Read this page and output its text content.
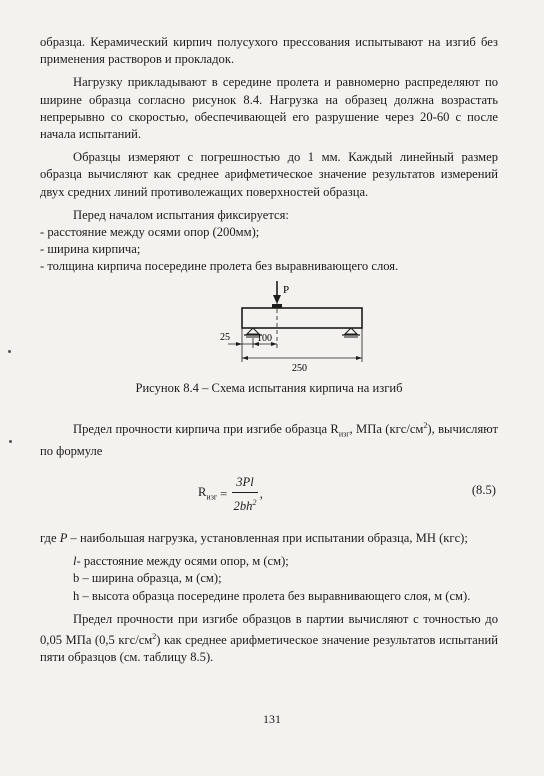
образца. Керамический кирпич полусухого прессования испытывают на изгиб без применения растворов и прокладок.

Нагрузку прикладывают в середине пролета и равномерно распределяют по ширине образца согласно рисунок 8.4. Нагрузка на образец должна возрастать непрерывно со скоростью, обеспечивающей его разрушение через 20-60 с после начала испытаний.

Образцы измеряют с погрешностью до 1 мм. Каждый линейный размер образца вычисляют как среднее арифметическое значение результатов измерений двух средних линий противолежащих поверхностей образца.

Перед началом испытания фиксируется:

- расстояние между осями опор (200мм);

- ширина кирпича;

- толщина кирпича посередине пролета без выравнивающего слоя.

P
25	100
250

Рисунок 8.4 – Схема испытания кирпича на изгиб

Предел прочности кирпича при изгибе образца $R_{изг}$, МПа $(кгс/см^2)$, вычисляют по формуле

$R_{изг} = \frac{3Pl}{2bh^2}$ ,	(8.5)

где P – наибольшая нагрузка, установленная при испытании образца, МН (кгс);

l- расстояние между осями опор, м (см);

b – ширина образца, м (см);

h – высота образца посередине пролета без выравнивающего слоя, м (см).

Предел прочности при изгибе образцов в партии вычисляют с точностью до 0,05 МПа (0,5 кгс/$см^2$) как среднее арифметическое значение результатов испытаний пяти образцов (см. таблицу 8.5).

131
